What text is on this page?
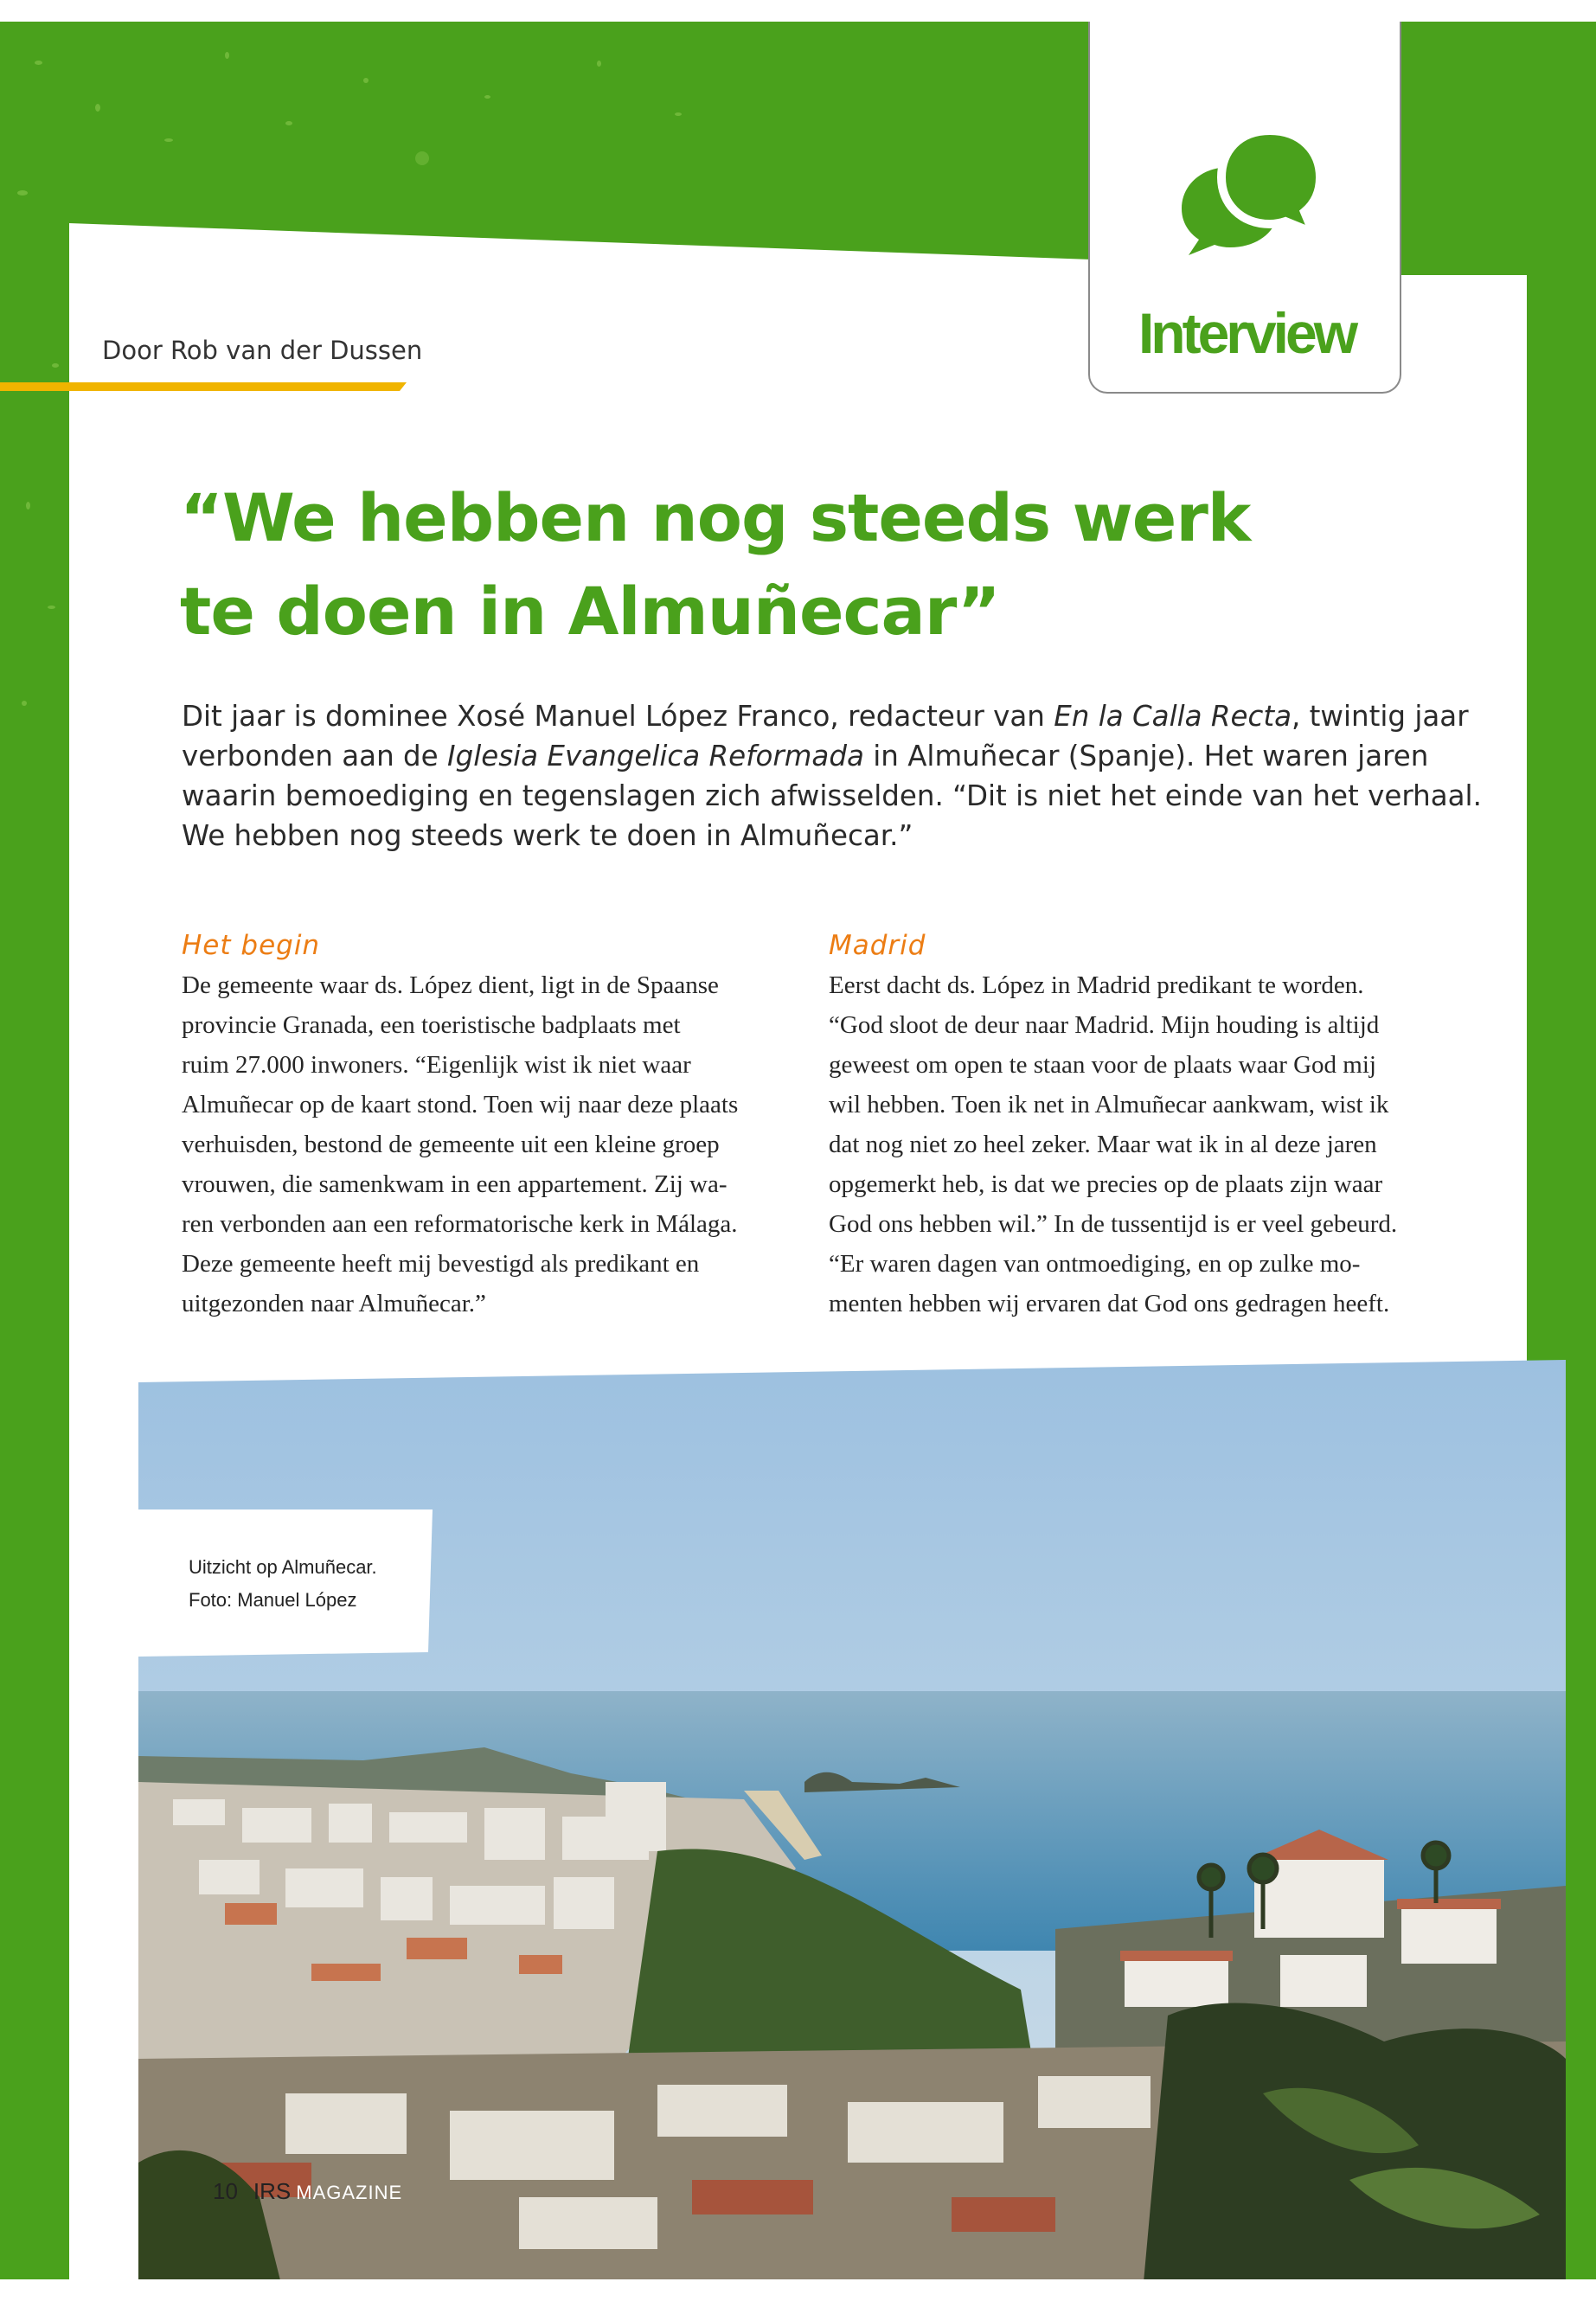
Interview
Door Rob van der Dussen
“We hebben nog steeds werk
te doen in Almuñecar”
Dit jaar is dominee Xosé Manuel López Franco, redacteur van En la Calla Recta, twintig jaar
verbonden aan de Iglesia Evangelica Reformada in Almuñecar (Spanje). Het waren jaren
waarin bemoediging en tegenslagen zich afwisselden. “Dit is niet het einde van het verhaal.
We hebben nog steeds werk te doen in Almuñecar.”
Het begin
De gemeente waar ds. López dient, ligt in de Spaanse
provincie Granada, een toeristische badplaats met
ruim 27.000 inwoners. “Eigenlijk wist ik niet waar
Almuñecar op de kaart stond. Toen wij naar deze plaats
verhuisden, bestond de gemeente uit een kleine groep
vrouwen, die samenkwam in een appartement. Zij wa-
ren verbonden aan een reformatorische kerk in Málaga.
Deze gemeente heeft mij bevestigd als predikant en
uitgezonden naar Almuñecar.”
Madrid
Eerst dacht ds. López in Madrid predikant te worden.
“God sloot de deur naar Madrid. Mijn houding is altijd
geweest om open te staan voor de plaats waar God mij
wil hebben. Toen ik net in Almuñecar aankwam, wist ik
dat nog niet zo heel zeker. Maar wat ik in al deze jaren
opgemerkt heb, is dat we precies op de plaats zijn waar
God ons hebben wil.” In de tussentijd is er veel gebeurd.
“Er waren dagen van ontmoediging, en op zulke mo-
menten hebben wij ervaren dat God ons gedragen heeft.
Uitzicht op Almuñecar.
Foto: Manuel López
10 IRS MAGAZINE
